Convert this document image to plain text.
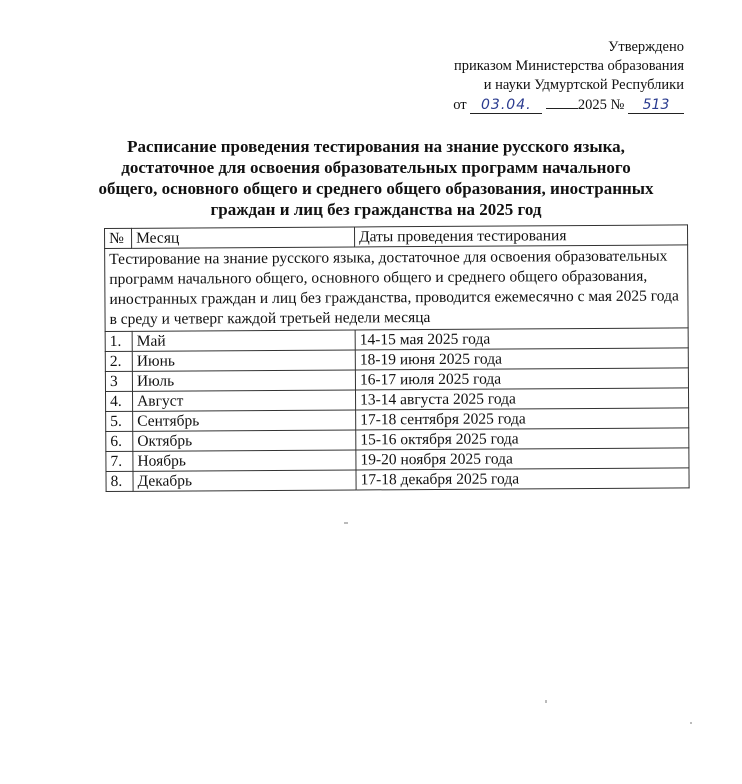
Утверждено
приказом Министерства образования
и науки Удмуртской Республики
от 03.04.	2025 № 513
Расписание проведения тестирования на знание русского языка,
достаточное для освоения образовательных программ начального
общего, основного общего и среднего общего образования, иностранных
граждан и лиц без гражданства на 2025 год
№	Месяц	Даты проведения тестирования
Тестирование на знание русского языка, достаточное для освоения образовательных программ начального общего, основного общего и среднего общего образования, иностранных граждан и лиц без гражданства, проводится ежемесячно с мая 2025 года в среду и четверг каждой третьей недели месяца		
1.	Май	14-15 мая 2025 года
2.	Июнь	18-19 июня 2025 года
3	Июль	16-17 июля 2025 года
4.	Август	13-14 августа 2025 года
5.	Сентябрь	17-18 сентября 2025 года
6.	Октябрь	15-16 октября 2025 года
7.	Ноябрь	19-20 ноября 2025 года
8.	Декабрь	17-18 декабря 2025 года
